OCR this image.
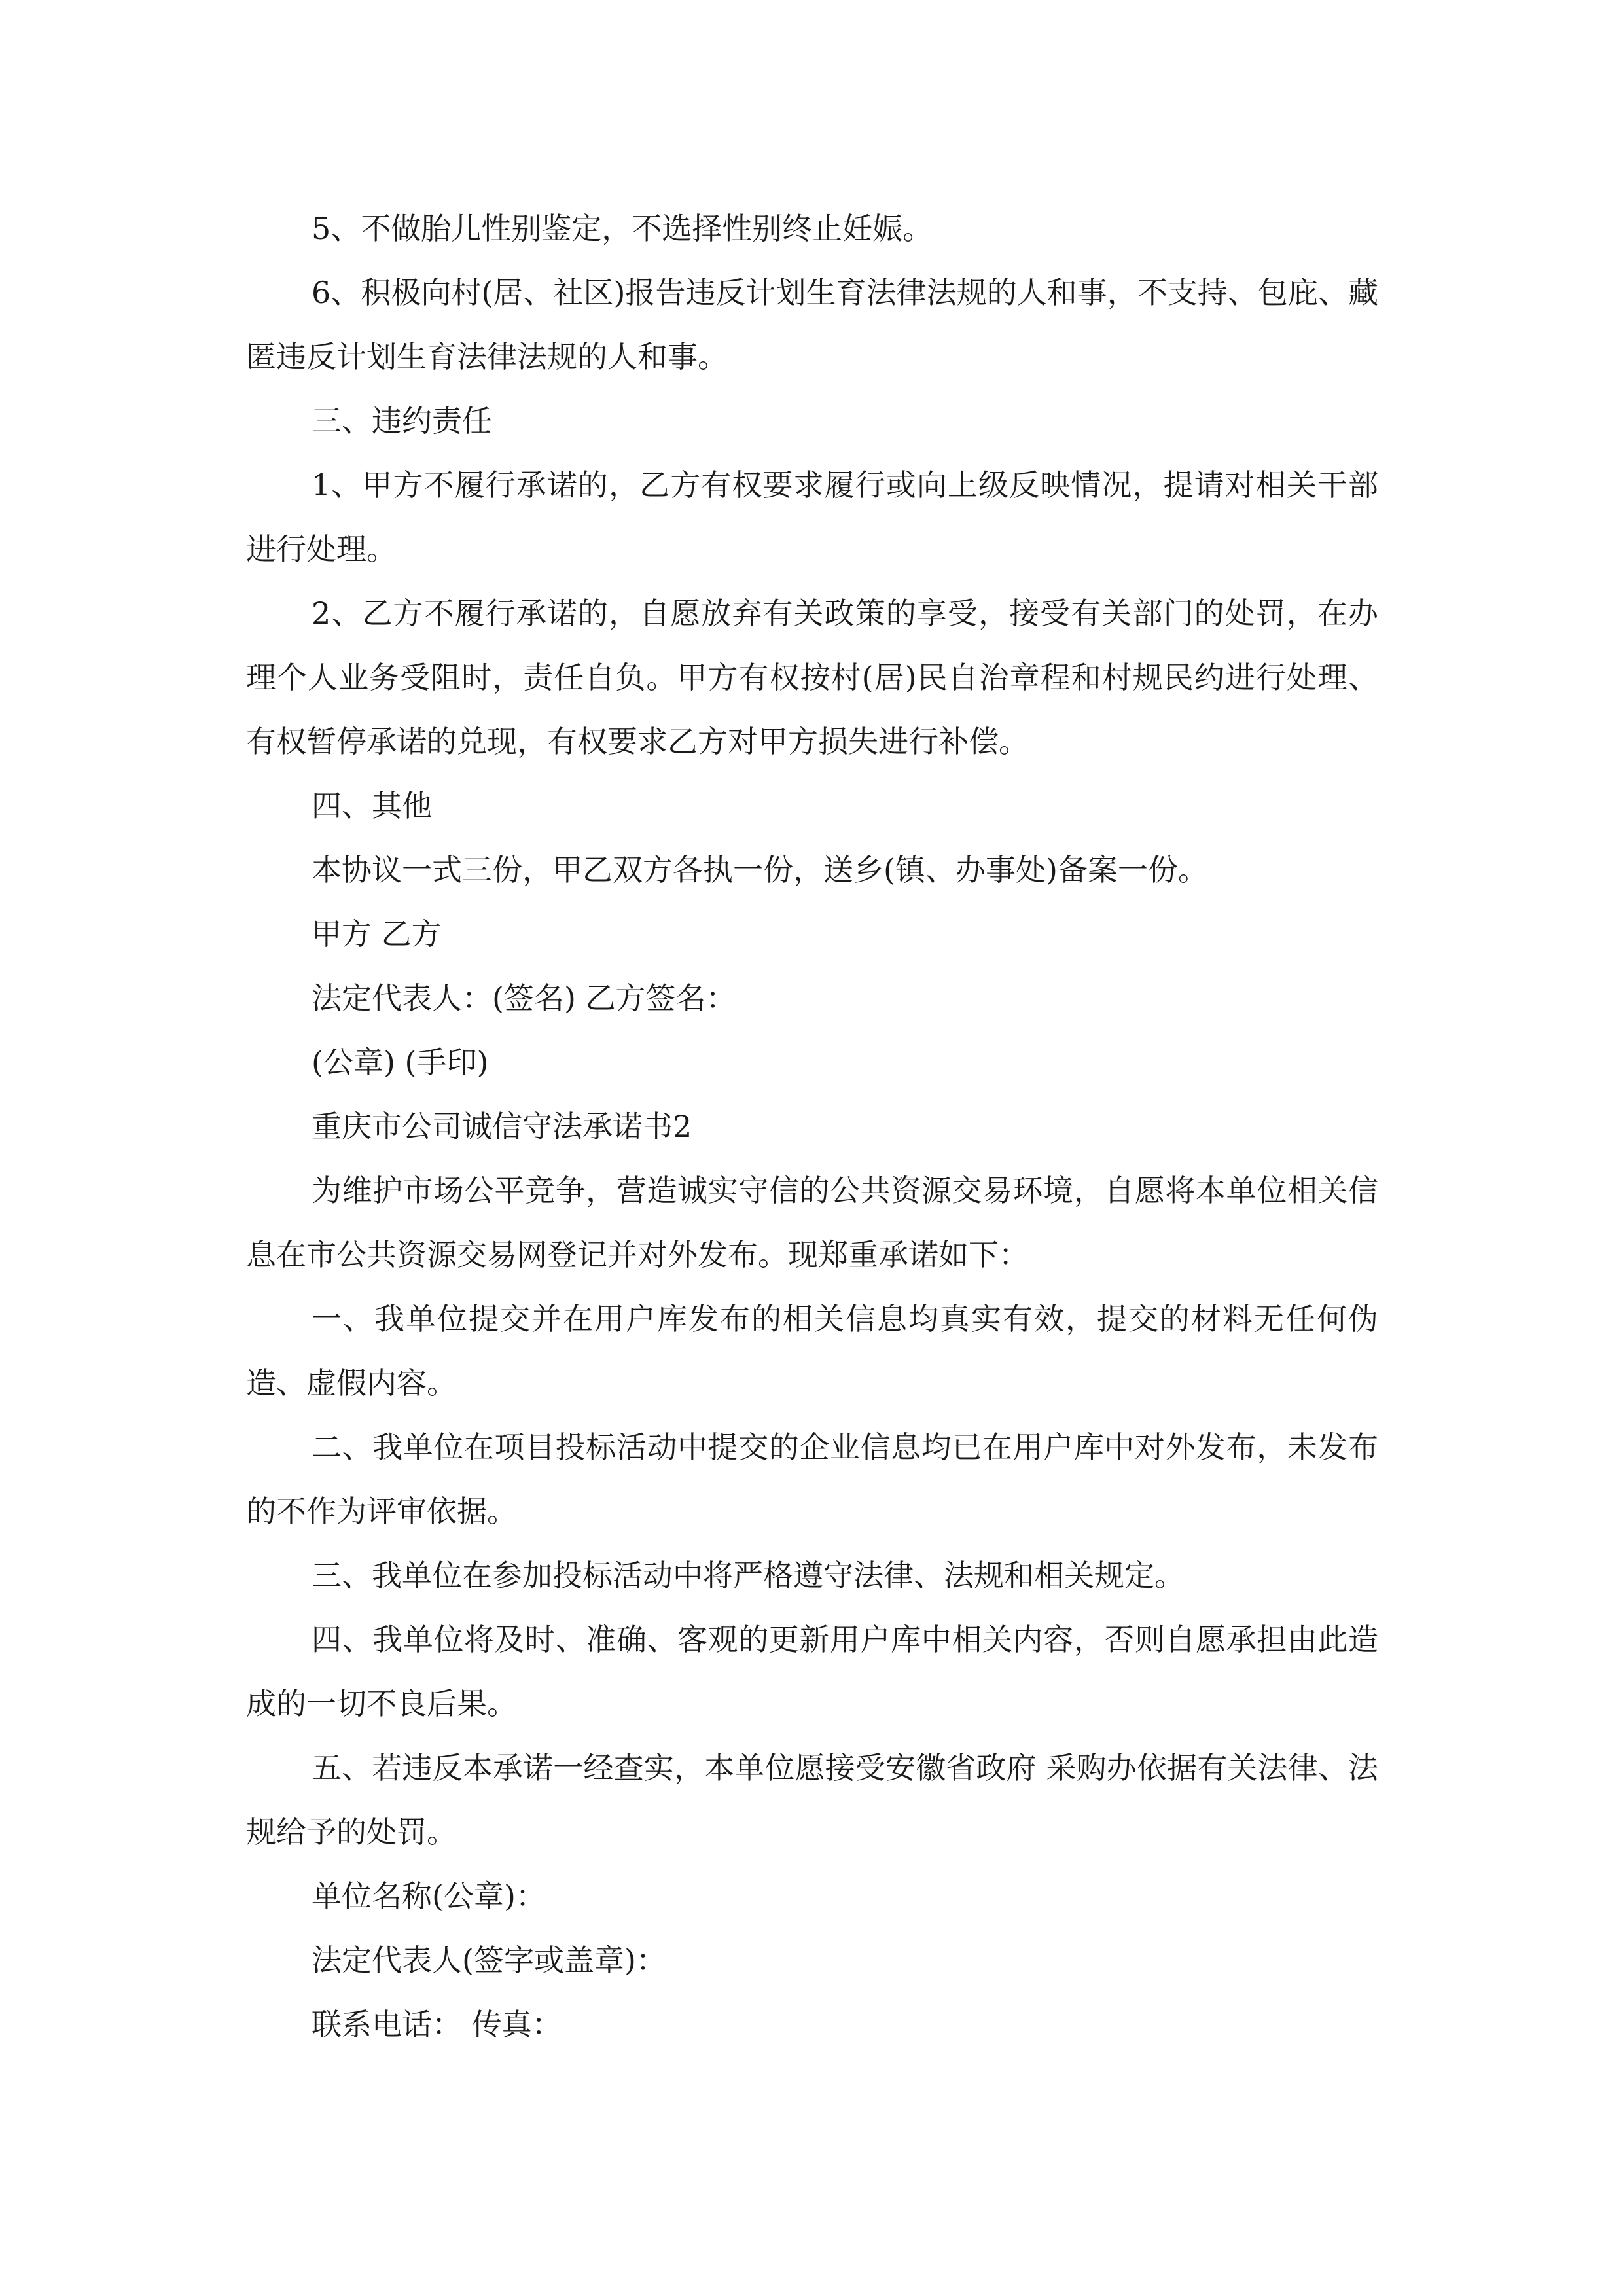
5、不做胎儿性别鉴定，不选择性别终止妊娠。

6、积极向村(居、社区)报告违反计划生育法律法规的人和事，不支持、包庇、藏匿违反计划生育法律法规的人和事。

三、违约责任

1、甲方不履行承诺的，乙方有权要求履行或向上级反映情况，提请对相关干部进行处理。

2、乙方不履行承诺的，自愿放弃有关政策的享受，接受有关部门的处罚，在办理个人业务受阻时，责任自负。甲方有权按村(居)民自治章程和村规民约进行处理、有权暂停承诺的兑现，有权要求乙方对甲方损失进行补偿。

四、其他

本协议一式三份，甲乙双方各执一份，送乡(镇、办事处)备案一份。

甲方 乙方

法定代表人：(签名) 乙方签名：

(公章) (手印)

重庆市公司诚信守法承诺书2

为维护市场公平竞争，营造诚实守信的公共资源交易环境，自愿将本单位相关信息在市公共资源交易网登记并对外发布。现郑重承诺如下：

一、我单位提交并在用户库发布的相关信息均真实有效，提交的材料无任何伪造、虚假内容。

二、我单位在项目投标活动中提交的企业信息均已在用户库中对外发布，未发布的不作为评审依据。

三、我单位在参加投标活动中将严格遵守法律、法规和相关规定。

四、我单位将及时、准确、客观的更新用户库中相关内容，否则自愿承担由此造成的一切不良后果。

五、若违反本承诺一经查实，本单位愿接受安徽省政府 采购办依据有关法律、法规给予的处罚。

单位名称(公章)：

法定代表人(签字或盖章)：

联系电话： 传真：
